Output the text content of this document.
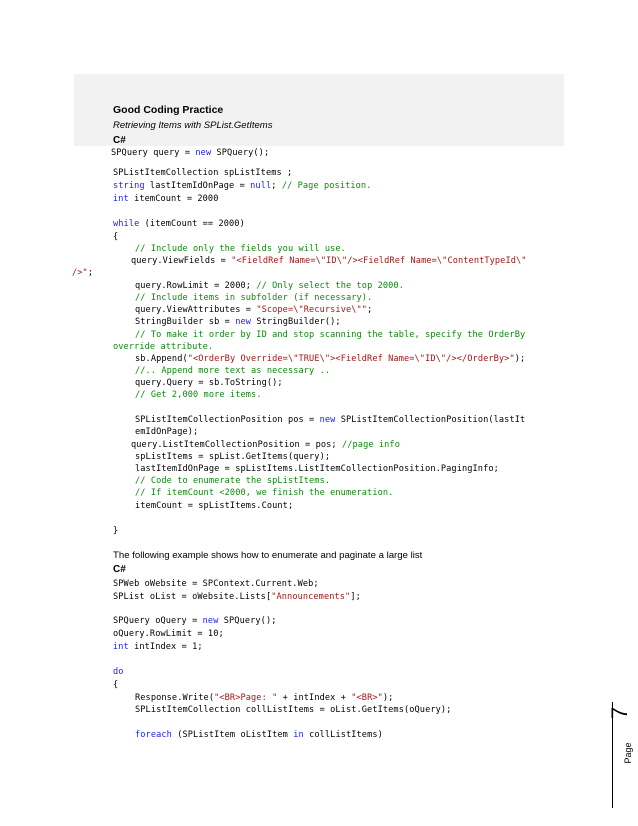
Good Coding Practice
Retrieving Items with SPList.GetItems
C#
SPQuery query = new SPQuery();
SPListItemCollection spListItems ;
string lastItemIdOnPage = null; // Page position.
int itemCount = 2000
while (itemCount == 2000)
{
// Include only the fields you will use.
query.ViewFields = "<FieldRef Name=\"ID\"/><FieldRef Name=\"ContentTypeId\"
/>";
query.RowLimit = 2000; // Only select the top 2000.
// Include items in subfolder (if necessary).
query.ViewAttributes = "Scope=\"Recursive\"";
StringBuilder sb = new StringBuilder();
// To make it order by ID and stop scanning the table, specify the OrderBy
override attribute.
sb.Append("<OrderBy Override=\"TRUE\"><FieldRef Name=\"ID\"/></OrderBy>");
//.. Append more text as necessary ..
query.Query = sb.ToString();
// Get 2,000 more items.
SPListItemCollectionPosition pos = new SPListItemCollectionPosition(lastIt
emIdOnPage);
query.ListItemCollectionPosition = pos; //page info
spListItems = spList.GetItems(query);
lastItemIdOnPage = spListItems.ListItemCollectionPosition.PagingInfo;
// Code to enumerate the spListItems.
// If itemCount <2000, we finish the enumeration.
itemCount = spListItems.Count;
}
The following example shows how to enumerate and paginate a large list
C#
SPWeb oWebsite = SPContext.Current.Web;
SPList oList = oWebsite.Lists["Announcements"];
SPQuery oQuery = new SPQuery();
oQuery.RowLimit = 10;
int intIndex = 1;
do
{
Response.Write("<BR>Page: " + intIndex + "<BR>");
SPListItemCollection collListItems = oList.GetItems(oQuery);
foreach (SPListItem oListItem in collListItems)
Page
7
